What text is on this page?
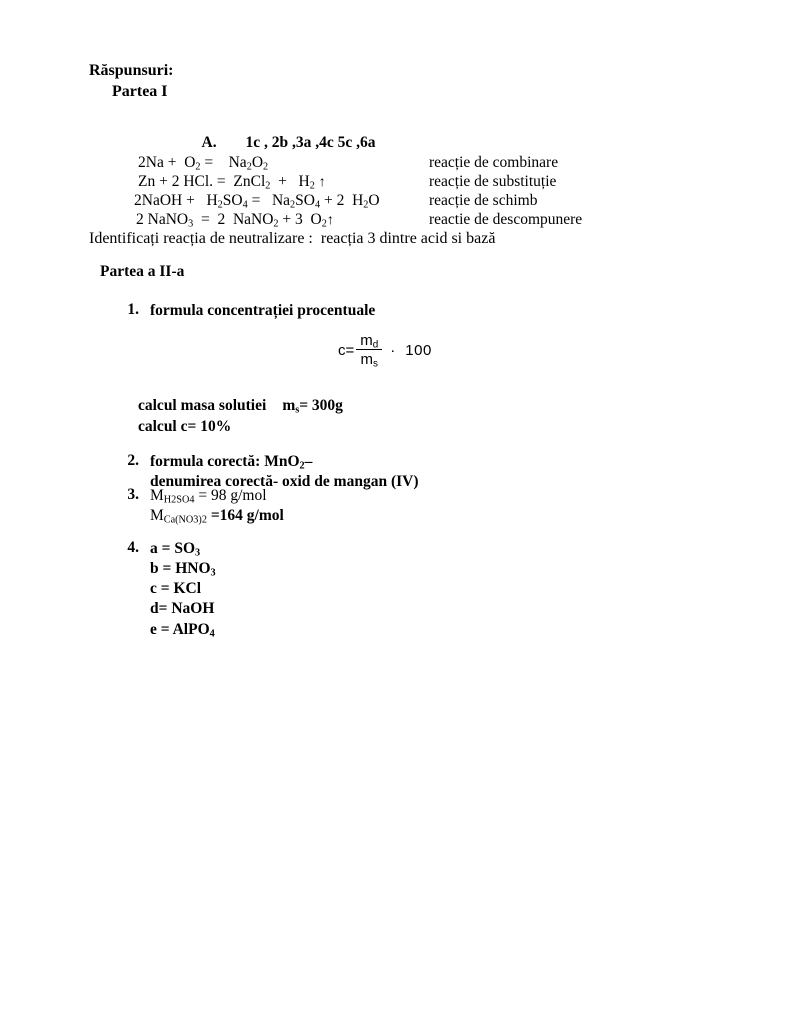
Răspunsuri:
Partea I

A. 1c , 2b ,3a ,4c 5c ,6a

$2Na + O_2$ =    $Na_2O_2$	reacție de combinare
Zn + 2 HCl. =  ZnCl$_2$  +   $H_2$ ↑	reacție de substituție
2NaOH +   $H_2SO_4 = Na_2SO_4 + 2$  $H_2O$	reacție de schimb
2 NaNO$_3$  =  2  NaNO$_2$ + 3  $O_2↑$	reactie de descompunere
Identificați reacția de neutralizare :  reacția 3 dintre acid si bază
Partea a II-a
1. formula concentrației procentuale
$c= \frac{m_d}{m_s} \cdot 100$
calcul masa solutiei $m_s= 300g$
calcul c= 10%
2. formula corectă: MnO$_2$–
denumirea corectă- oxid de mangan (IV)
3. $M_{H2SO4} = 98$ g/mol
$M_{Ca(NO3)2} =164$ g/mol
4. $a = SO_3$
$b = HNO_3$
c = KCl
d= NaOH
e = AlPO$_4$
